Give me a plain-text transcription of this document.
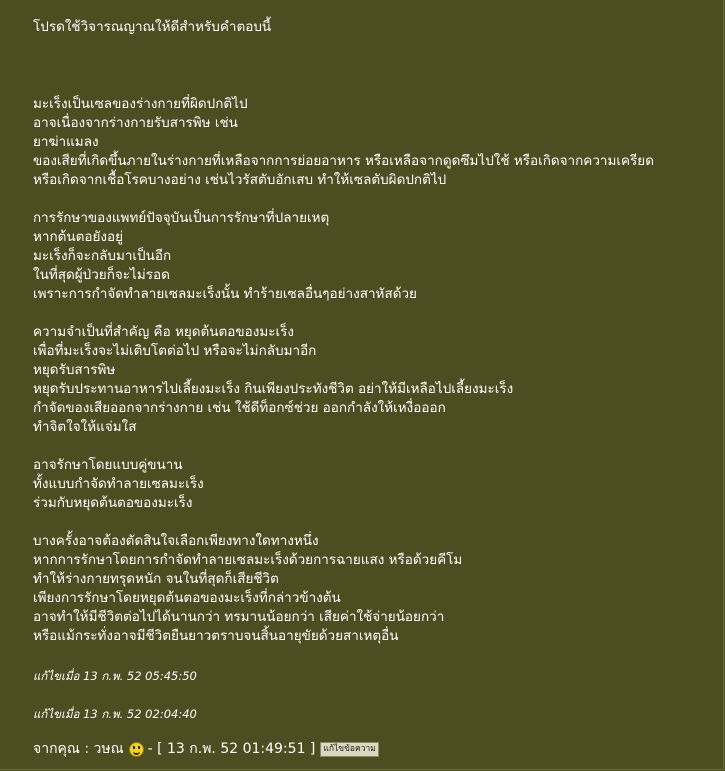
โปรดใช้วิจารณญาณให้ดีสำหรับคำตอบนี้

มะเร็งเป็นเซลของร่างกายที่ผิดปกติไป
อาจเนื่องจากร่างกายรับสารพิษ เช่น
ยาฆ่าแมลง
ของเสียที่เกิดขึ้นภายในร่างกายที่เหลือจากการย่อยอาหาร หรือเหลือจากดูดซึมไปใช้ หรือเกิดจากความเครียด
หรือเกิดจากเชื้อโรคบางอย่าง เช่นไวรัสตับอักเสบ ทำให้เซลตับผิดปกติไป
การรักษาของแพทย์ปัจจุบันเป็นการรักษาที่ปลายเหตุ
หากต้นตอยังอยู่
มะเร็งก็จะกลับมาเป็นอีก
ในที่สุดผู้ป่วยก็จะไม่รอด
เพราะการกำจัดทำลายเซลมะเร็งนั้น ทำร้ายเซลอื่นๆอย่างสาหัสด้วย
ความจำเป็นที่สำคัญ คือ หยุดต้นตอของมะเร็ง
เพื่อที่มะเร็งจะไม่เติบโตต่อไป หรือจะไม่กลับมาอีก
หยุดรับสารพิษ
หยุดรับประทานอาหารไปเลี้ยงมะเร็ง กินเพียงประทังชีวิต อย่าให้มีเหลือไปเลี้ยงมะเร็ง
กำจัดของเสียออกจากร่างกาย เช่น ใช้ดีท็อกซ์ช่วย ออกกำลังให้เหงื่อออก
ทำจิตใจให้แจ่มใส
อาจรักษาโดยแบบคู่ขนาน
ทั้งแบบกำจัดทำลายเซลมะเร็ง
ร่วมกับหยุดต้นตอของมะเร็ง
บางครั้งอาจต้องตัดสินใจเลือกเพียงทางใดทางหนึ่ง
หากการรักษาโดยการกำจัดทำลายเซลมะเร็งด้วยการฉายแสง หรือด้วยคีโม
ทำให้ร่างกายทรุดหนัก จนในที่สุดก็เสียชีวิต
เพียงการรักษาโดยหยุดต้นตอของมะเร็งที่กล่าวข้างต้น
อาจทำให้มีชีวิตต่อไปได้นานกว่า ทรมานน้อยกว่า เสียค่าใช้จ่ายน้อยกว่า
หรือแม้กระทั่งอาจมีชีวิตยืนยาวตราบจนสิ้นอายุขัยด้วยสาเหตุอื่น
แก้ไขเมื่อ 13 ก.พ. 52 05:45:50
แก้ไขเมื่อ 13 ก.พ. 52 02:04:40
จากคุณ : วษณ - [ 13 ก.พ. 52 01:49:51 ] แก้ไขข้อความ
